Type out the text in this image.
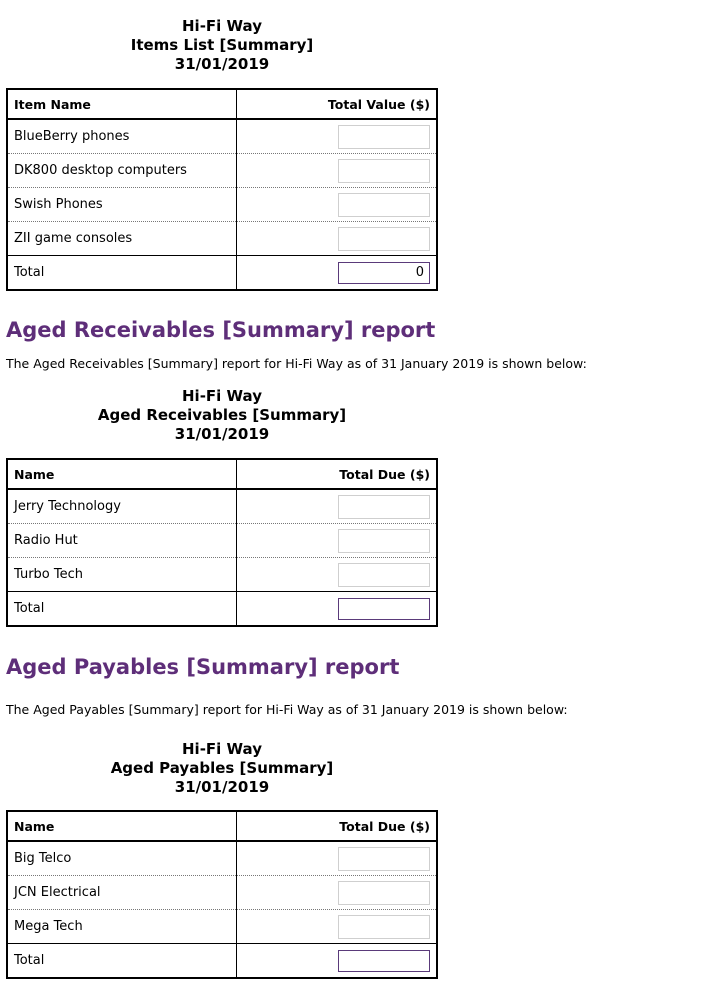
Hi-Fi Way
Items List [Summary]
31/01/2019
Item Name	Total Value ($)
BlueBerry phones	
DK800 desktop computers	
Swish Phones	
ZII game consoles	
Total	0
Aged Receivables [Summary] report
The Aged Receivables [Summary] report for Hi-Fi Way as of 31 January 2019 is shown below:
Hi-Fi Way
Aged Receivables [Summary]
31/01/2019
Name	Total Due ($)
Jerry Technology	
Radio Hut	
Turbo Tech	
Total	
Aged Payables [Summary] report
The Aged Payables [Summary] report for Hi-Fi Way as of 31 January 2019 is shown below:
Hi-Fi Way
Aged Payables [Summary]
31/01/2019
Name	Total Due ($)
Big Telco	
JCN Electrical	
Mega Tech	
Total	
